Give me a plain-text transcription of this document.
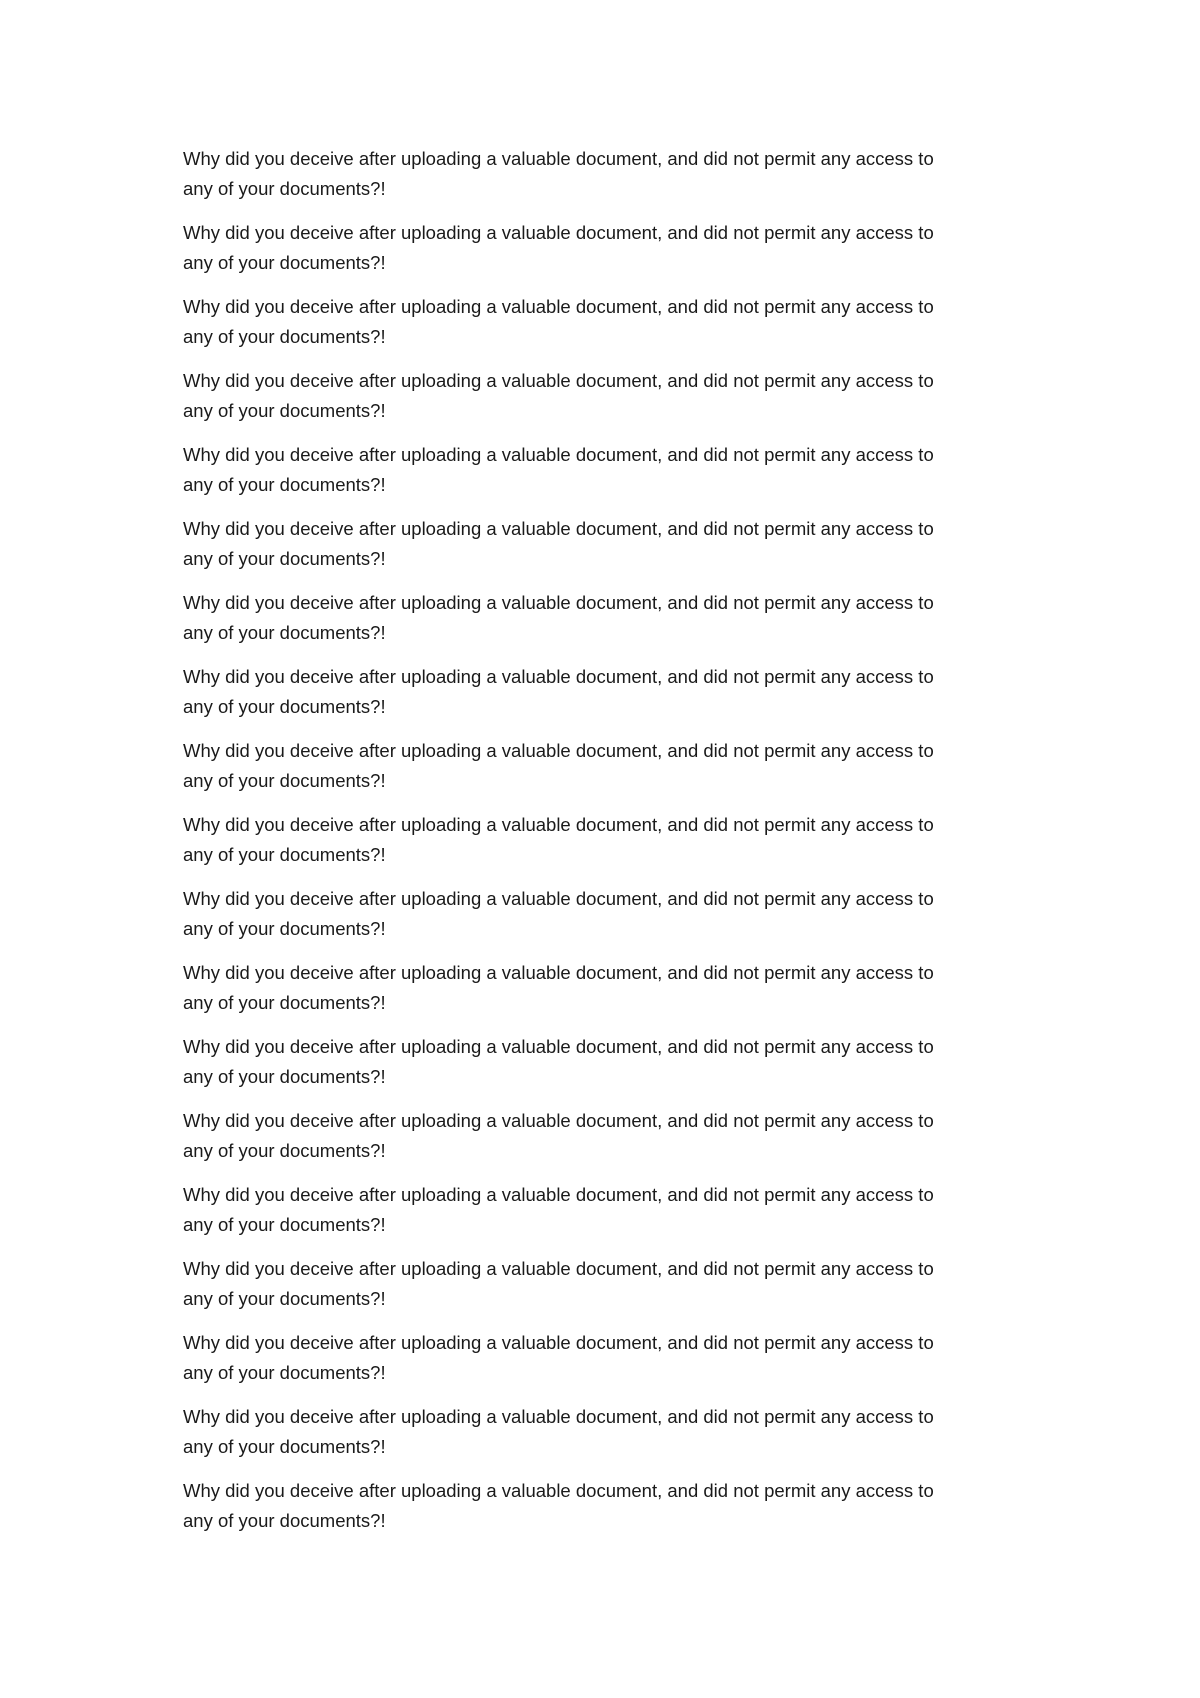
Why did you deceive after uploading a valuable document, and did not permit any access to
any of your documents?!

Why did you deceive after uploading a valuable document, and did not permit any access to
any of your documents?!

Why did you deceive after uploading a valuable document, and did not permit any access to
any of your documents?!

Why did you deceive after uploading a valuable document, and did not permit any access to
any of your documents?!

Why did you deceive after uploading a valuable document, and did not permit any access to
any of your documents?!

Why did you deceive after uploading a valuable document, and did not permit any access to
any of your documents?!

Why did you deceive after uploading a valuable document, and did not permit any access to
any of your documents?!

Why did you deceive after uploading a valuable document, and did not permit any access to
any of your documents?!

Why did you deceive after uploading a valuable document, and did not permit any access to
any of your documents?!

Why did you deceive after uploading a valuable document, and did not permit any access to
any of your documents?!

Why did you deceive after uploading a valuable document, and did not permit any access to
any of your documents?!

Why did you deceive after uploading a valuable document, and did not permit any access to
any of your documents?!

Why did you deceive after uploading a valuable document, and did not permit any access to
any of your documents?!

Why did you deceive after uploading a valuable document, and did not permit any access to
any of your documents?!

Why did you deceive after uploading a valuable document, and did not permit any access to
any of your documents?!

Why did you deceive after uploading a valuable document, and did not permit any access to
any of your documents?!

Why did you deceive after uploading a valuable document, and did not permit any access to
any of your documents?!

Why did you deceive after uploading a valuable document, and did not permit any access to
any of your documents?!

Why did you deceive after uploading a valuable document, and did not permit any access to
any of your documents?!
